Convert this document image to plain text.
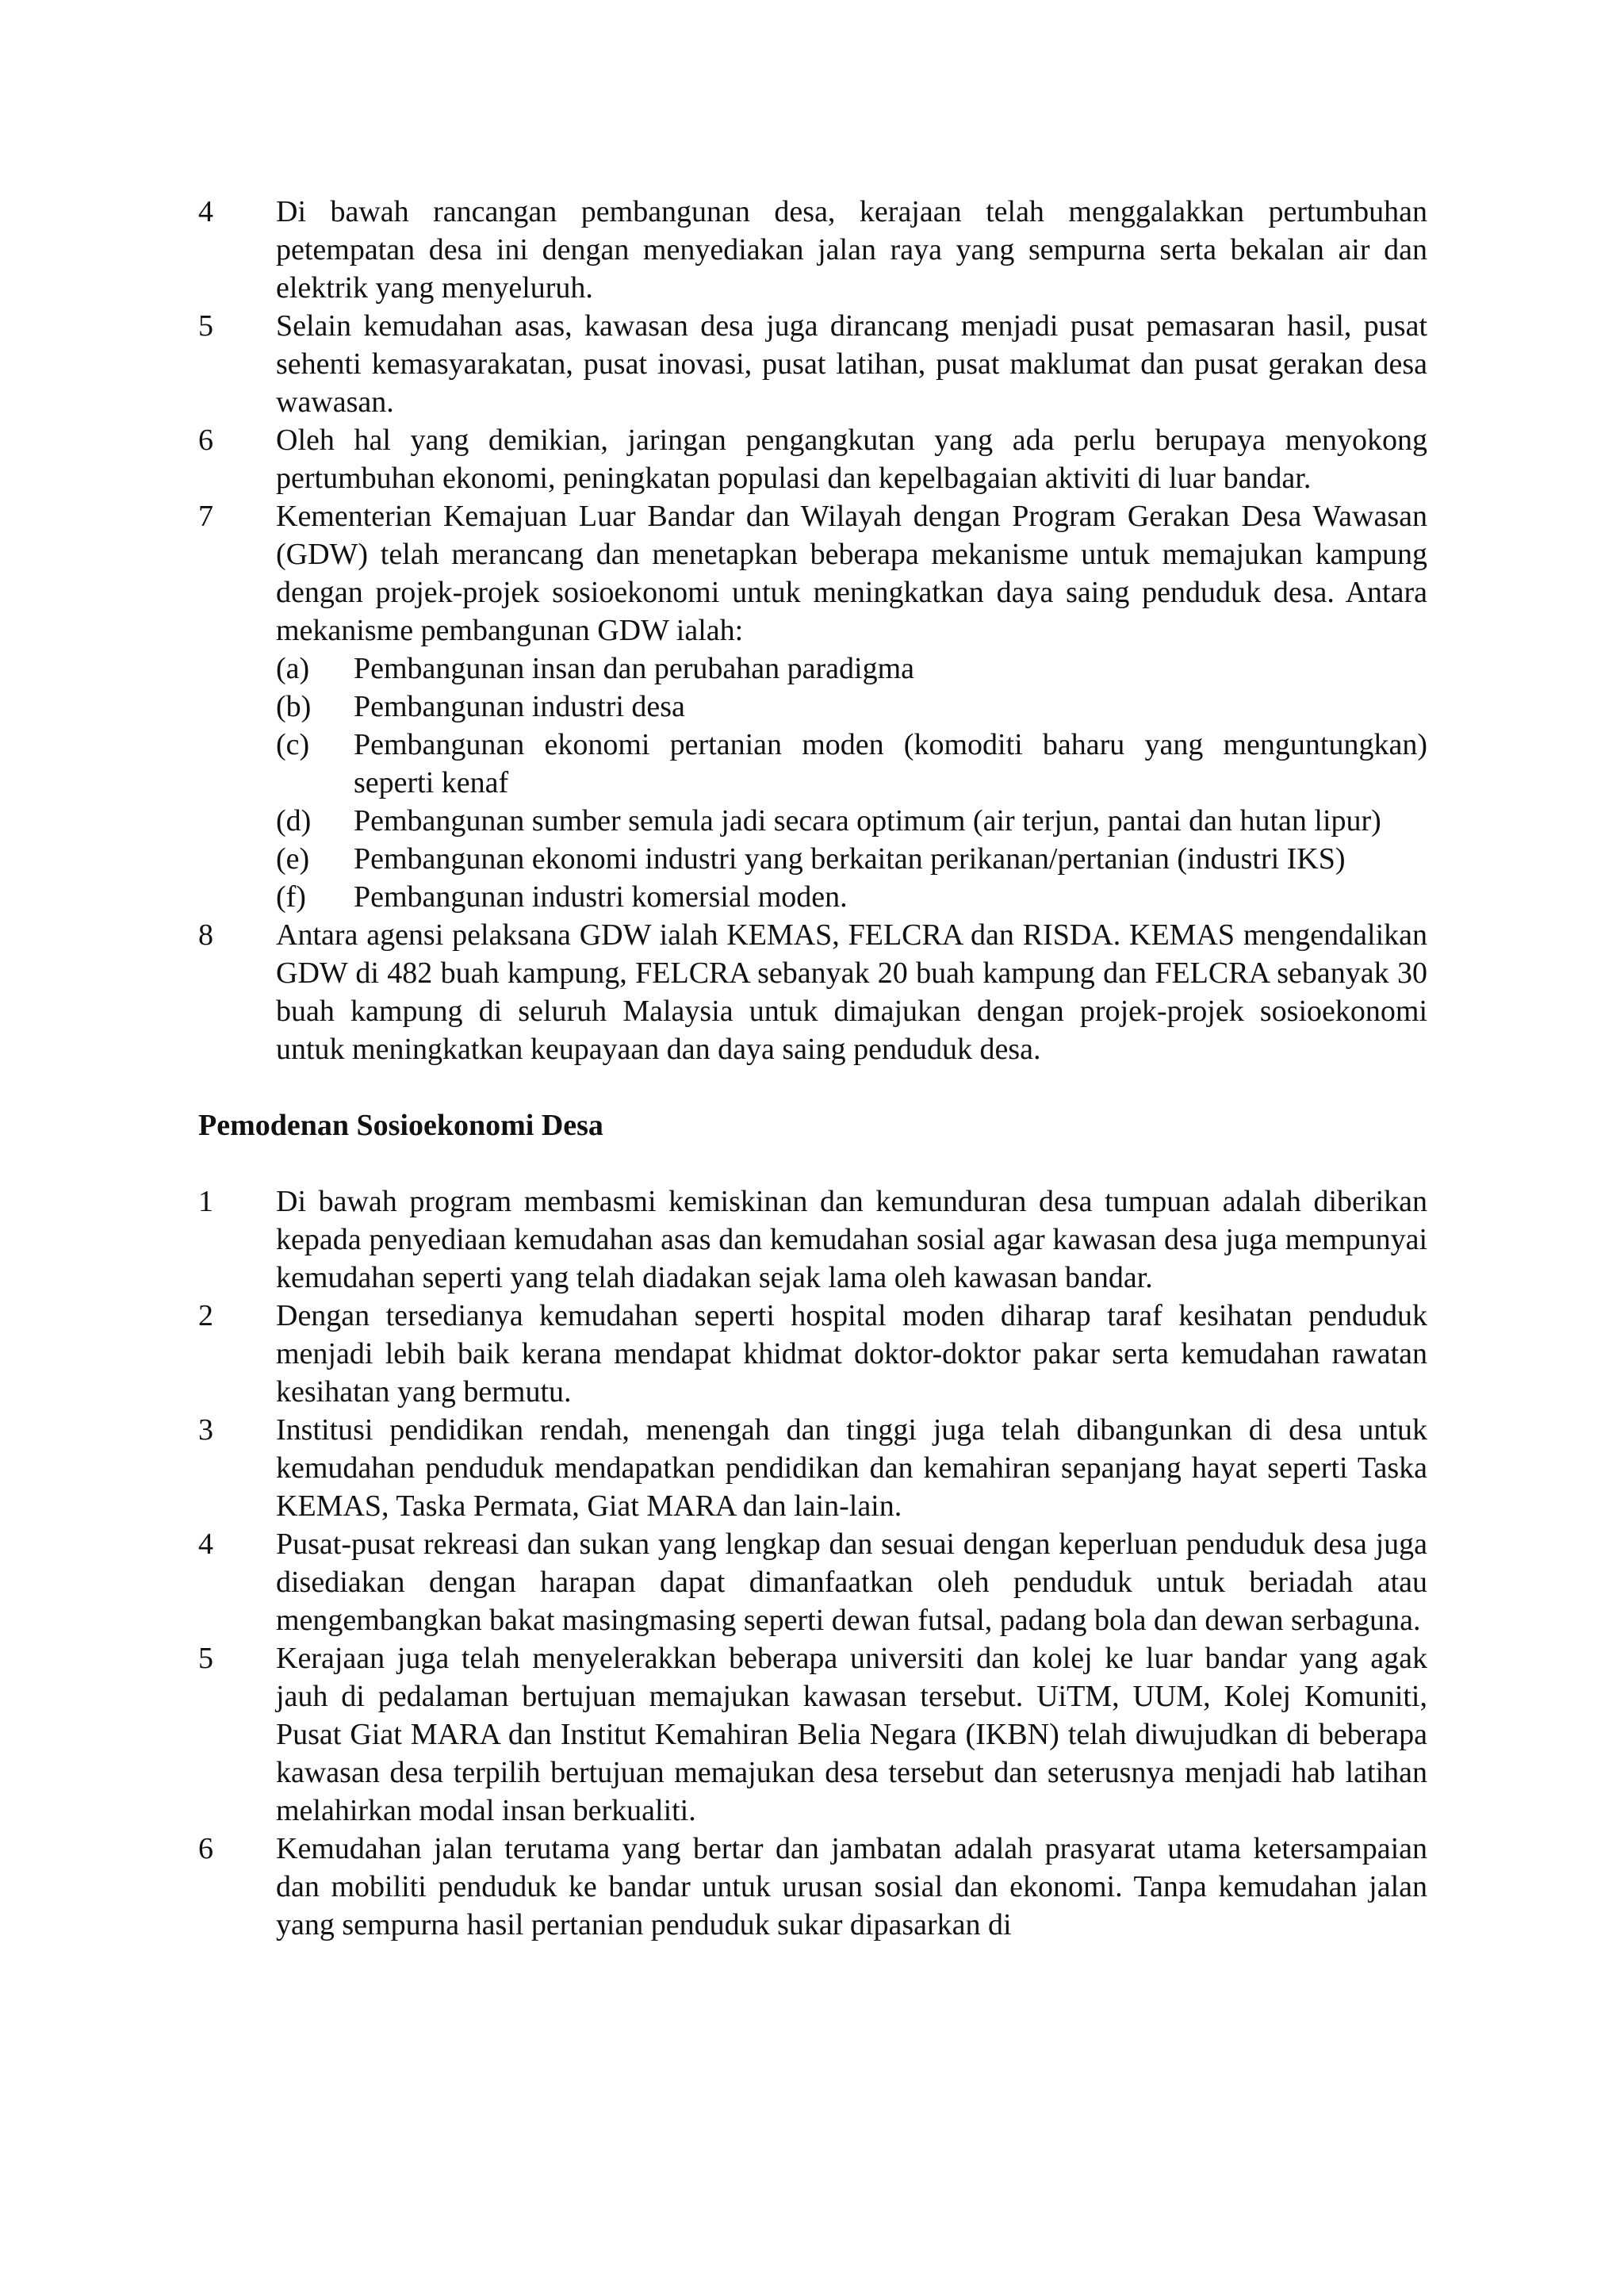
4	Di bawah rancangan pembangunan desa, kerajaan telah menggalakkan pertumbuhan petempatan desa ini dengan menyediakan jalan raya yang sempurna serta bekalan air dan elektrik yang menyeluruh.
5	Selain kemudahan asas, kawasan desa juga dirancang menjadi pusat pemasaran hasil, pusat sehenti kemasyarakatan, pusat inovasi, pusat latihan, pusat maklumat dan pusat gerakan desa wawasan.
6	Oleh hal yang demikian, jaringan pengangkutan yang ada perlu berupaya menyokong pertumbuhan ekonomi, peningkatan populasi dan kepelbagaian aktiviti di luar bandar.
7	Kementerian Kemajuan Luar Bandar dan Wilayah dengan Program Gerakan Desa Wawasan (GDW) telah merancang dan menetapkan beberapa mekanisme untuk memajukan kampung dengan projek-projek sosioekonomi untuk meningkatkan daya saing penduduk desa. Antara mekanisme pembangunan GDW ialah:
(a)	Pembangunan insan dan perubahan paradigma
(b)	Pembangunan industri desa
(c)	Pembangunan ekonomi pertanian moden (komoditi baharu yang menguntungkan) seperti kenaf
(d)	Pembangunan sumber semula jadi secara optimum (air terjun, pantai dan hutan lipur)
(e)	Pembangunan ekonomi industri yang berkaitan perikanan/pertanian (industri IKS)
(f)	Pembangunan industri komersial moden.
8	Antara agensi pelaksana GDW ialah KEMAS, FELCRA dan RISDA. KEMAS mengendalikan GDW di 482 buah kampung, FELCRA sebanyak 20 buah kampung dan FELCRA sebanyak 30 buah kampung di seluruh Malaysia untuk dimajukan dengan projek-projek sosioekonomi untuk meningkatkan keupayaan dan daya saing penduduk desa.
Pemodenan Sosioekonomi Desa
1	Di bawah program membasmi kemiskinan dan kemunduran desa tumpuan adalah diberikan kepada penyediaan kemudahan asas dan kemudahan sosial agar kawasan desa juga mempunyai kemudahan seperti yang telah diadakan sejak lama oleh kawasan bandar.
2	Dengan tersedianya kemudahan seperti hospital moden diharap taraf kesihatan penduduk menjadi lebih baik kerana mendapat khidmat doktor-doktor pakar serta kemudahan rawatan kesihatan yang bermutu.
3	Institusi pendidikan rendah, menengah dan tinggi juga telah dibangunkan di desa untuk kemudahan penduduk mendapatkan pendidikan dan kemahiran sepanjang hayat seperti Taska KEMAS, Taska Permata, Giat MARA dan lain-lain.
4	Pusat-pusat rekreasi dan sukan yang lengkap dan sesuai dengan keperluan penduduk desa juga disediakan dengan harapan dapat dimanfaatkan oleh penduduk untuk beriadah atau mengembangkan bakat masingmasing seperti dewan futsal, padang bola dan dewan serbaguna.
5	Kerajaan juga telah menyelerakkan beberapa universiti dan kolej ke luar bandar yang agak jauh di pedalaman bertujuan memajukan kawasan tersebut. UiTM, UUM, Kolej Komuniti, Pusat Giat MARA dan Institut Kemahiran Belia Negara (IKBN) telah diwujudkan di beberapa kawasan desa terpilih bertujuan memajukan desa tersebut dan seterusnya menjadi hab latihan melahirkan modal insan berkualiti.
6	Kemudahan jalan terutama yang bertar dan jambatan adalah prasyarat utama ketersampaian dan mobiliti penduduk ke bandar untuk urusan sosial dan ekonomi. Tanpa kemudahan jalan yang sempurna hasil pertanian penduduk sukar dipasarkan di
